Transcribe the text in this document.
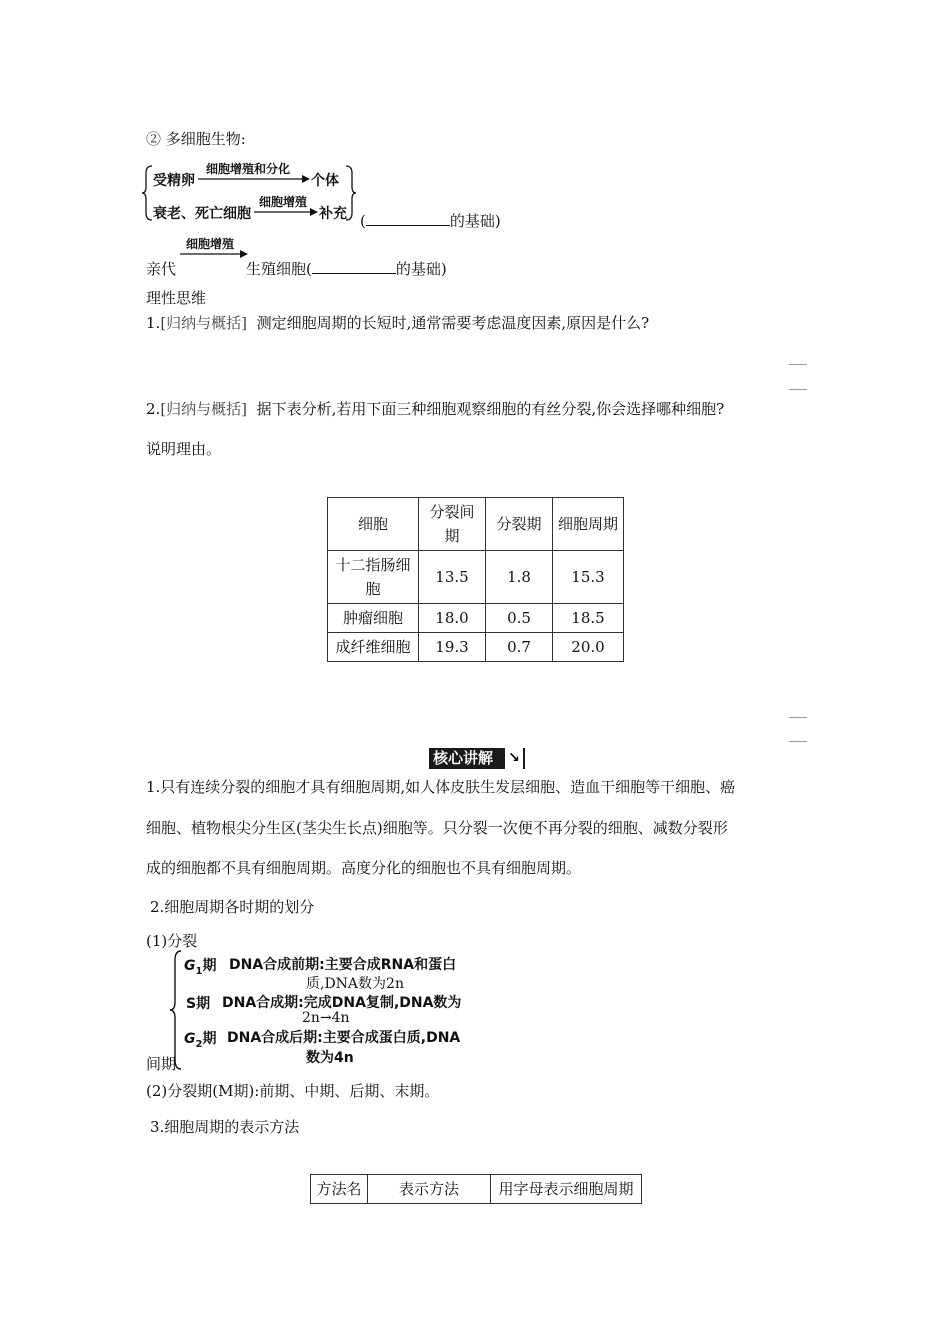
② 多细胞生物:
受精卵
细胞增殖和分化
个体
衰老、死亡细胞
细胞增殖
补充 (	的基础)
亲代
细胞增殖
生殖细胞(	的基础)
理性思维
1.[归纳与概括] 测定细胞周期的长短时,通常需要考虑温度因素,原因是什么?
2.[归纳与概括] 据下表分析,若用下面三种细胞观察细胞的有丝分裂,你会选择哪种细胞?
说明理由。
细胞	分裂间期	分裂期	细胞周期
十二指肠细胞	13.5	1.8	15.3
肿瘤细胞	18.0	0.5	18.5
成纤维细胞	19.3	0.7	20.0
核心讲解 ↘
1.只有连续分裂的细胞才具有细胞周期,如人体皮肤生发层细胞、造血干细胞等干细胞、癌
细胞、植物根尖分生区(茎尖生长点)细胞等。只分裂一次便不再分裂的细胞、减数分裂形
成的细胞都不具有细胞周期。高度分化的细胞也不具有细胞周期。
2.细胞周期各时期的划分
(1)分裂
间期
$G_1$期 DNA合成前期:主要合成RNA和蛋白
质,DNA数为2n
S期 DNA合成期:完成DNA复制,DNA数为
2n→4n
$G_2$期 DNA合成后期:主要合成蛋白质,DNA
数为4n
(2)分裂期(M期):前期、中期、后期、末期。
3.细胞周期的表示方法
方法名	表示方法	用字母表示细胞周期
